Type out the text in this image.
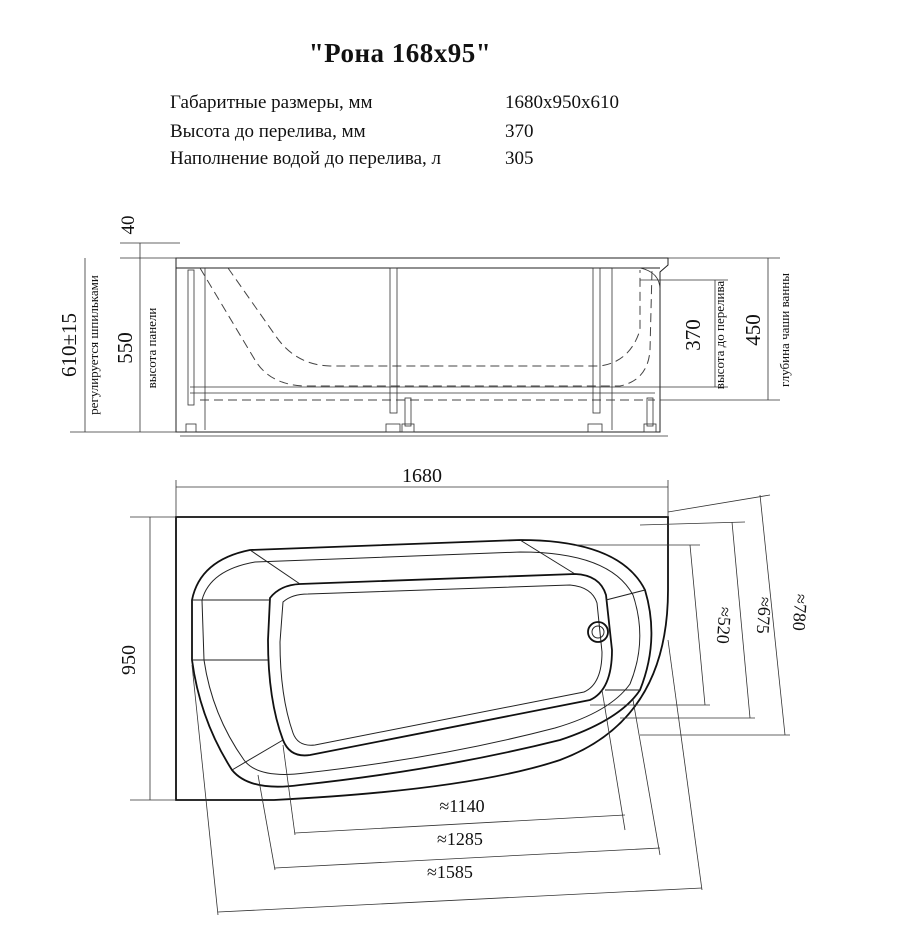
"Рона 168x95"
Габаритные размеры, мм	1680x950x610
Высота до перелива, мм	370
Наполнение водой до перелива, л	305
40
610±15 регулируется шпильками 550 высота панели	370 высота до перелива 450 глубина чаши ванны
1680
950
≈520 ≈675 ≈780
≈1140
≈1285
≈1585
